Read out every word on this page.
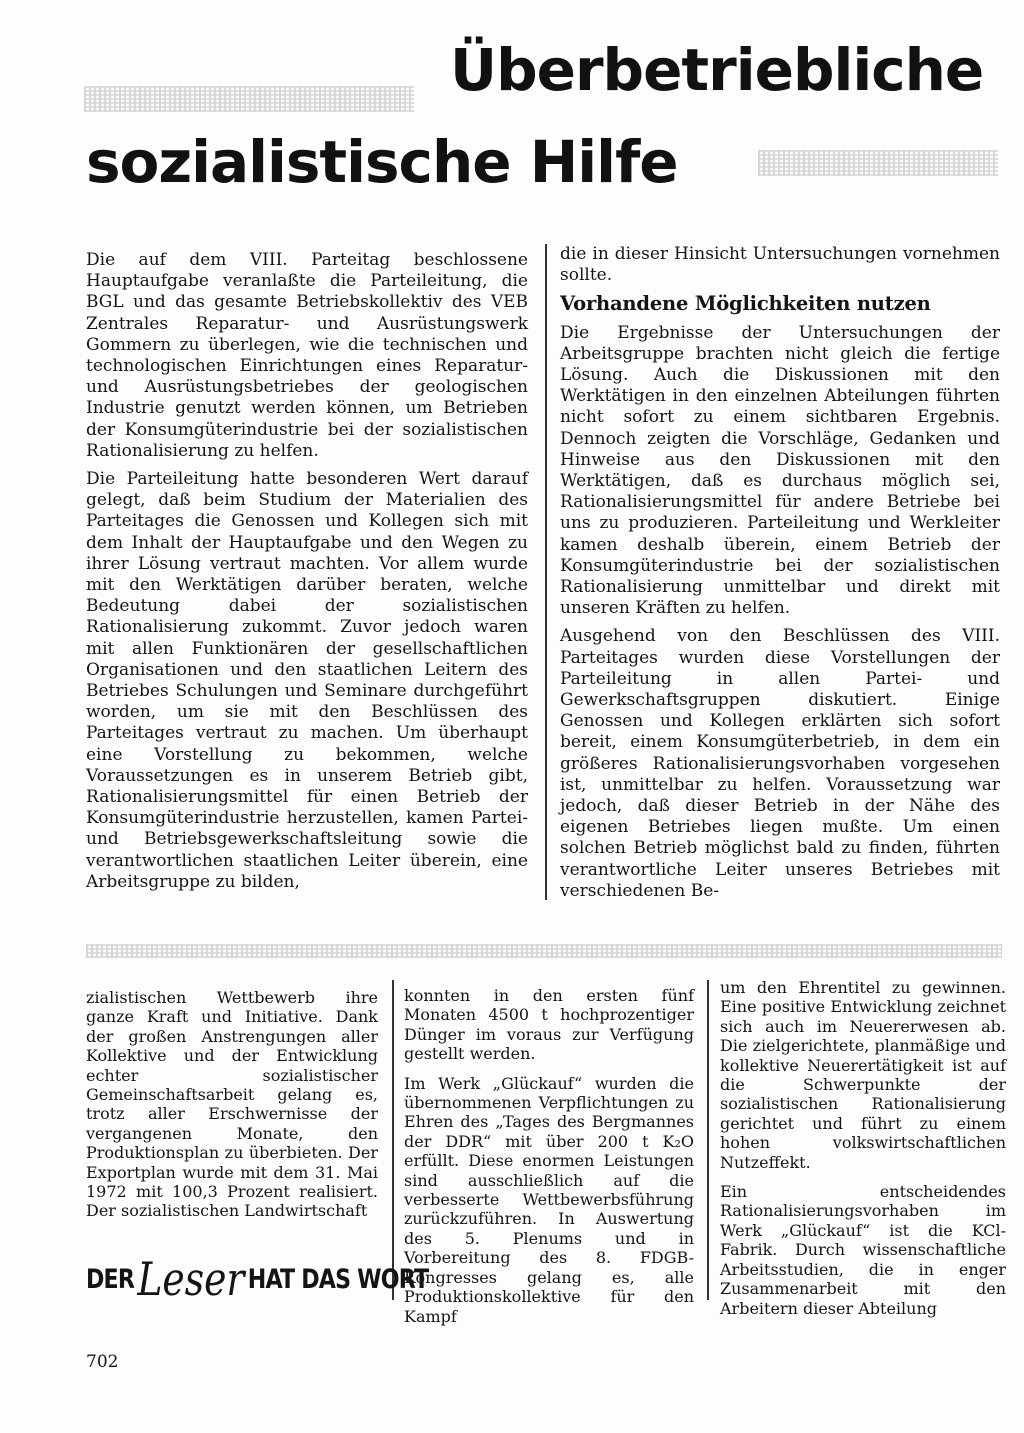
Überbetriebliche
sozialistische Hilfe

Die auf dem VIII. Parteitag beschlossene Hauptaufgabe veranlaßte die Parteileitung, die BGL und das gesamte Betriebskollektiv des VEB Zentrales Reparatur- und Ausrüstungswerk Gommern zu überlegen, wie die technischen und technologischen Einrichtungen eines Reparatur- und Ausrüstungsbetriebes der geologischen Industrie genutzt werden können, um Betrieben der Konsumgüterindustrie bei der sozialistischen Rationalisierung zu helfen.

Die Parteileitung hatte besonderen Wert darauf gelegt, daß beim Studium der Materialien des Parteitages die Genossen und Kollegen sich mit dem Inhalt der Hauptaufgabe und den Wegen zu ihrer Lösung vertraut machten. Vor allem wurde mit den Werktätigen darüber beraten, welche Bedeutung dabei der sozialistischen Rationalisierung zukommt. Zuvor jedoch waren mit allen Funktionären der gesellschaftlichen Organisationen und den staatlichen Leitern des Betriebes Schulungen und Seminare durchgeführt worden, um sie mit den Beschlüssen des Parteitages vertraut zu machen. Um überhaupt eine Vorstellung zu bekommen, welche Voraussetzungen es in unserem Betrieb gibt, Rationalisierungsmittel für einen Betrieb der Konsumgüterindustrie herzustellen, kamen Partei- und Betriebsgewerkschaftsleitung sowie die verantwortlichen staatlichen Leiter überein, eine Arbeitsgruppe zu bilden,

die in dieser Hinsicht Untersuchungen vornehmen sollte.

Vorhandene Möglichkeiten nutzen

Die Ergebnisse der Untersuchungen der Arbeitsgruppe brachten nicht gleich die fertige Lösung. Auch die Diskussionen mit den Werktätigen in den einzelnen Abteilungen führten nicht sofort zu einem sichtbaren Ergebnis. Dennoch zeigten die Vorschläge, Gedanken und Hinweise aus den Diskussionen mit den Werktätigen, daß es durchaus möglich sei, Rationalisierungsmittel für andere Betriebe bei uns zu produzieren. Parteileitung und Werkleiter kamen deshalb überein, einem Betrieb der Konsumgüterindustrie bei der sozialistischen Rationalisierung unmittelbar und direkt mit unseren Kräften zu helfen.

Ausgehend von den Beschlüssen des VIII. Parteitages wurden diese Vorstellungen der Parteileitung in allen Partei- und Gewerkschaftsgruppen diskutiert. Einige Genossen und Kollegen erklärten sich sofort bereit, einem Konsumgüterbetrieb, in dem ein größeres Rationalisierungsvorhaben vorgesehen ist, unmittelbar zu helfen. Voraussetzung war jedoch, daß dieser Betrieb in der Nähe des eigenen Betriebes liegen mußte. Um einen solchen Betrieb möglichst bald zu finden, führten verantwortliche Leiter unseres Betriebes mit verschiedenen Be-

zialistischen Wettbewerb ihre ganze Kraft und Initiative. Dank der großen Anstrengungen aller Kollektive und der Entwicklung echter sozialistischer Gemeinschaftsarbeit gelang es, trotz aller Erschwernisse der vergangenen Monate, den Produktionsplan zu überbieten. Der Exportplan wurde mit dem 31. Mai 1972 mit 100,3 Prozent realisiert. Der sozialistischen Landwirtschaft

konnten in den ersten fünf Monaten 4500 t hochprozentiger Dünger im voraus zur Verfügung gestellt werden.

Im Werk „Glückauf“ wurden die übernommenen Verpflichtungen zu Ehren des „Tages des Bergmannes der DDR“ mit über 200 t K₂O erfüllt. Diese enormen Leistungen sind ausschließlich auf die verbesserte Wettbewerbsführung zurückzuführen. In Auswertung des 5. Plenums und in Vorbereitung des 8. FDGB-Kongresses gelang es, alle Produktionskollektive für den Kampf

um den Ehrentitel zu gewinnen. Eine positive Entwicklung zeichnet sich auch im Neuererwesen ab. Die zielgerichtete, planmäßige und kollektive Neuerertätigkeit ist auf die Schwerpunkte der sozialistischen Rationalisierung gerichtet und führt zu einem hohen volkswirtschaftlichen Nutzeffekt.

Ein entscheidendes Rationalisierungsvorhaben im Werk „Glückauf“ ist die KCl-Fabrik. Durch wissenschaftliche Arbeitsstudien, die in enger Zusammenarbeit mit den Arbeitern dieser Abteilung

DER Leser HAT DAS WORT
702
